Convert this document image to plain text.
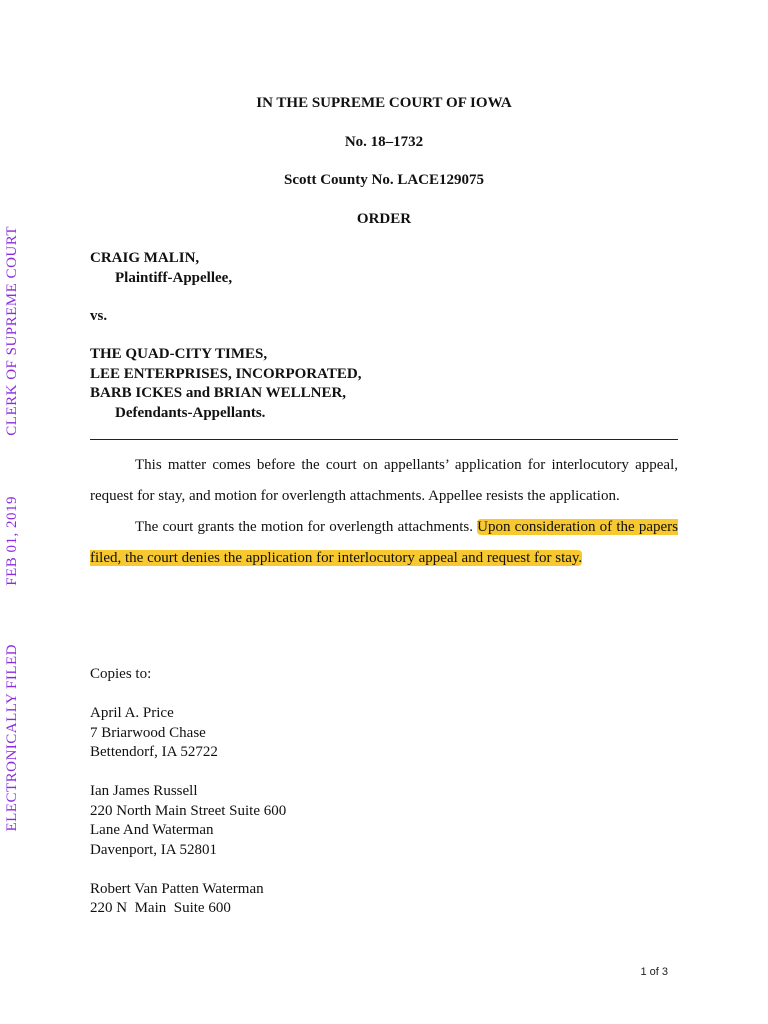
CLERK OF SUPREME COURT
FEB 01, 2019
ELECTRONICALLY FILED
IN THE SUPREME COURT OF IOWA
No. 18–1732
Scott County No. LACE129075
ORDER
CRAIG MALIN,
Plaintiff-Appellee,
vs.
THE QUAD-CITY TIMES,
LEE ENTERPRISES, INCORPORATED,
BARB ICKES and BRIAN WELLNER,
Defendants-Appellants.

This matter comes before the court on appellants’ application for interlocutory appeal, request for stay, and motion for overlength attachments. Appellee resists the application.

The court grants the motion for overlength attachments. Upon consideration of the papers filed, the court denies the application for interlocutory appeal and request for stay.

Copies to:
April A. Price
7 Briarwood Chase
Bettendorf, IA 52722
Ian James Russell
220 North Main Street Suite 600
Lane And Waterman
Davenport, IA 52801
Robert Van Patten Waterman
220 N  Main  Suite 600
1 of 3
